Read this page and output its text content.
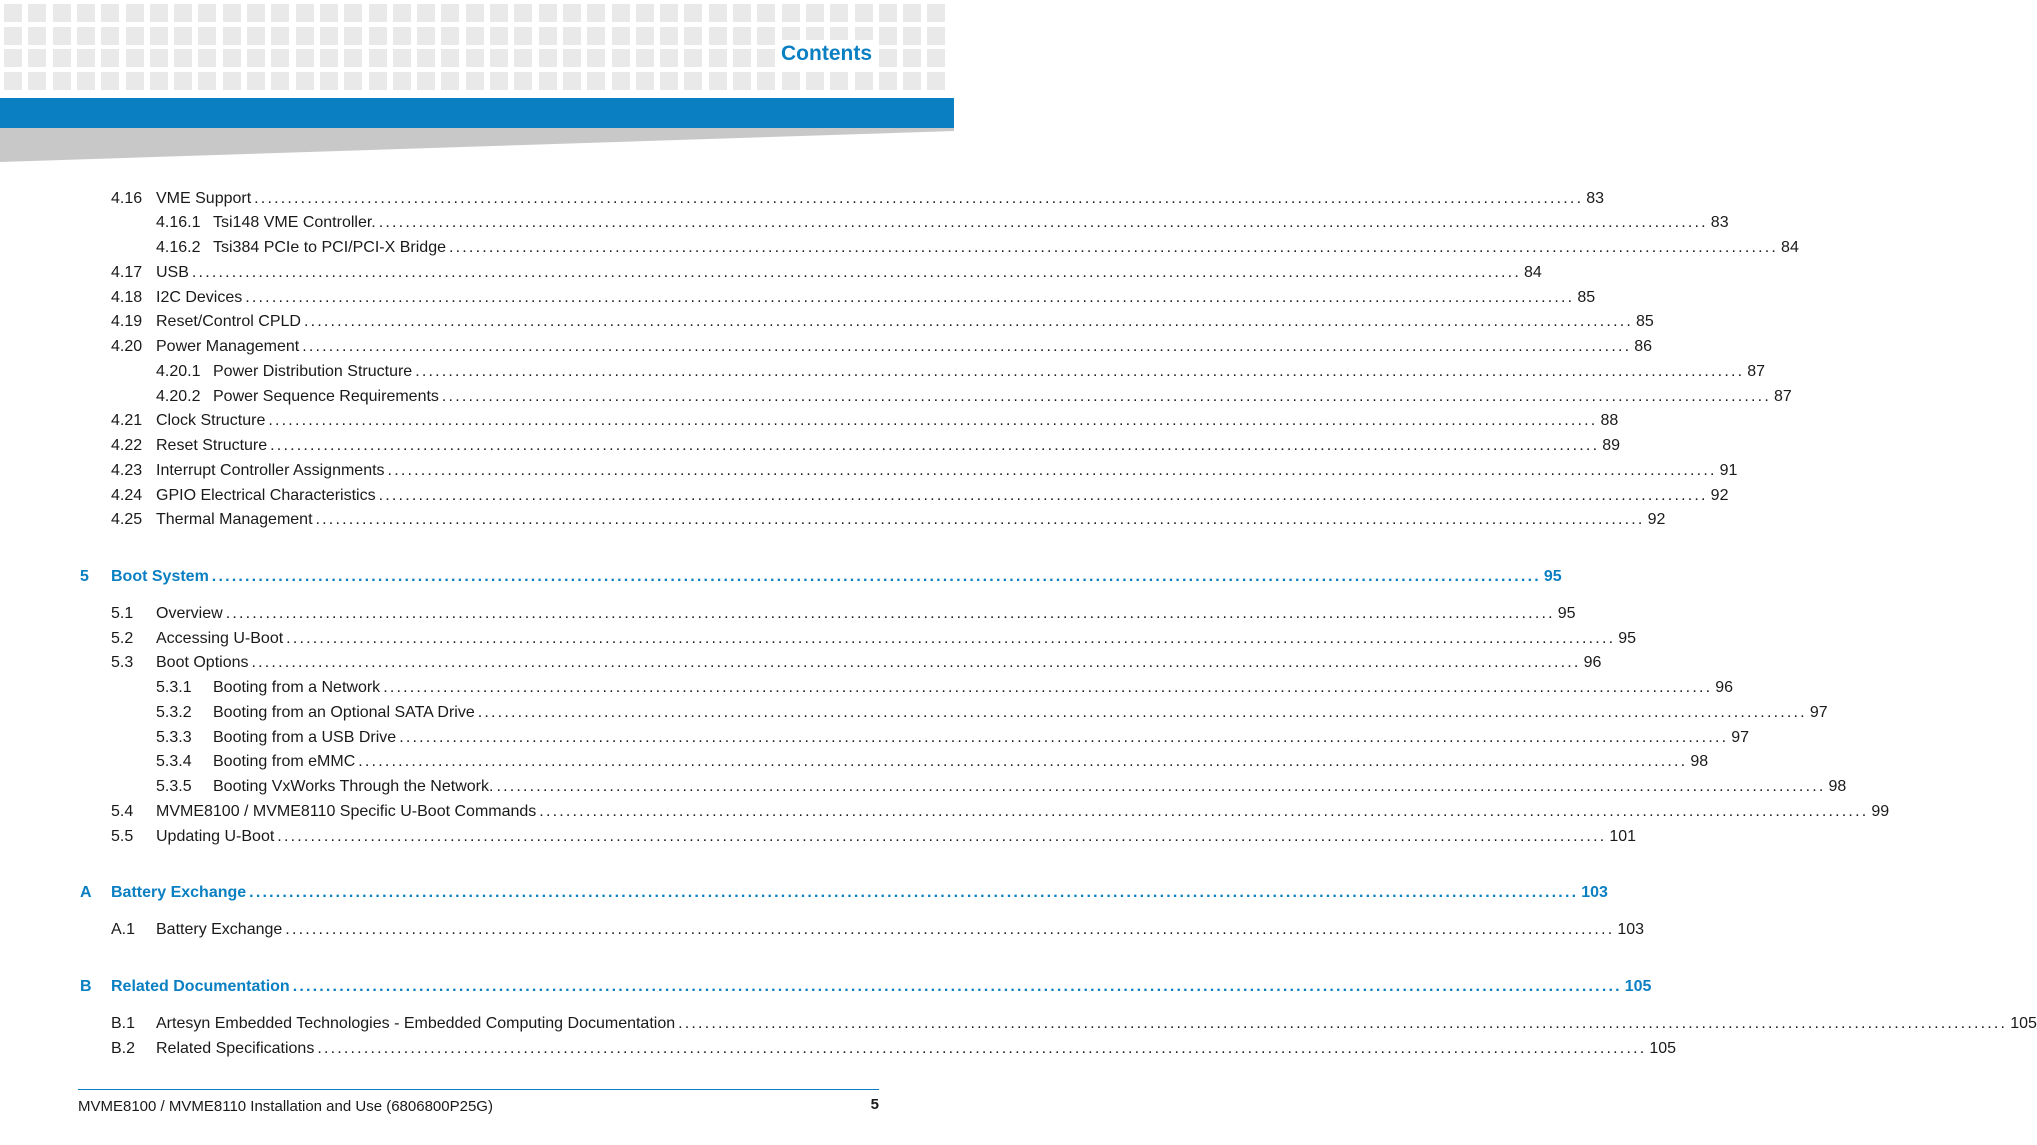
Contents
4.16 VME Support ........................................................................................................................................................................................................ 83
4.16.1 Tsi148 VME Controller. ........................................................................................................................................................................................................ 83
4.16.2 Tsi384 PCIe to PCI/PCI-X Bridge ........................................................................................................................................................................................................ 84
4.17 USB ........................................................................................................................................................................................................ 84
4.18 I2C Devices ........................................................................................................................................................................................................ 85
4.19 Reset/Control CPLD ........................................................................................................................................................................................................ 85
4.20 Power Management ........................................................................................................................................................................................................ 86
4.20.1 Power Distribution Structure ........................................................................................................................................................................................................ 87
4.20.2 Power Sequence Requirements ........................................................................................................................................................................................................ 87
4.21 Clock Structure ........................................................................................................................................................................................................ 88
4.22 Reset Structure ........................................................................................................................................................................................................ 89
4.23 Interrupt Controller Assignments ........................................................................................................................................................................................................ 91
4.24 GPIO Electrical Characteristics ........................................................................................................................................................................................................ 92
4.25 Thermal Management ........................................................................................................................................................................................................ 92
5	Boot System ........................................................................................................................................................................................................ 95
5.1	Overview ........................................................................................................................................................................................................ 95
5.2	Accessing U-Boot ........................................................................................................................................................................................................ 95
5.3	Boot Options ........................................................................................................................................................................................................ 96
5.3.1	Booting from a Network ........................................................................................................................................................................................................ 96
5.3.2	Booting from an Optional SATA Drive ........................................................................................................................................................................................................ 97
5.3.3	Booting from a USB Drive ........................................................................................................................................................................................................ 97
5.3.4	Booting from eMMC ........................................................................................................................................................................................................ 98
5.3.5	Booting VxWorks Through the Network. ........................................................................................................................................................................................................ 98
5.4	MVME8100 / MVME8110 Specific U-Boot Commands ........................................................................................................................................................................................................ 99
5.5	Updating U-Boot ........................................................................................................................................................................................................ 101
A	Battery Exchange ........................................................................................................................................................................................................ 103
A.1	Battery Exchange ........................................................................................................................................................................................................ 103
B	Related Documentation ........................................................................................................................................................................................................ 105
B.1	Artesyn Embedded Technologies - Embedded Computing Documentation ........................................................................................................................................................................................................ 105
B.2	Related Specifications ........................................................................................................................................................................................................ 105
MVME8100 / MVME8110 Installation and Use (6806800P25G)	5
